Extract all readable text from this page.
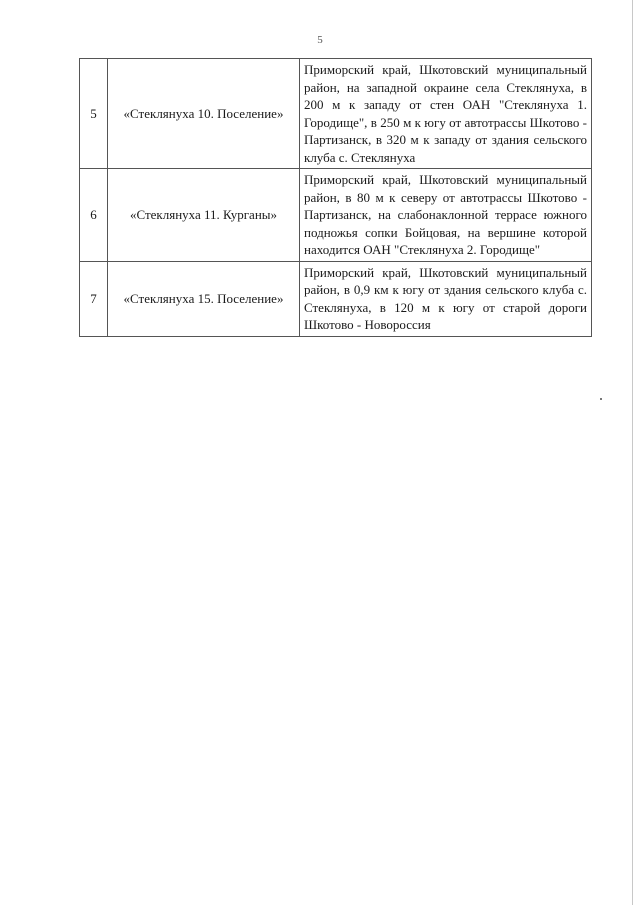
5
5	«Стеклянуха 10. Поселение»	Приморский край, Шкотовский муниципальный район, на западной окраине села Стеклянуха, в 200 м к западу от стен ОАН "Стеклянуха 1. Городище", в 250 м к югу от автотрассы Шкотово - Партизанск, в 320 м к западу от здания сельского клуба с. Стеклянуха
6	«Стеклянуха 11. Курганы»	Приморский край, Шкотовский муниципальный район, в 80 м к северу от автотрассы Шкотово - Партизанск, на слабонаклонной террасе южного подножья сопки Бойцовая, на вершине которой находится ОАН "Стеклянуха 2. Городище"
7	«Стеклянуха 15. Поселение»	Приморский край, Шкотовский муниципальный район, в 0,9 км к югу от здания сельского клуба с. Стеклянуха, в 120 м к югу от старой дороги Шкотово - Новороссия
